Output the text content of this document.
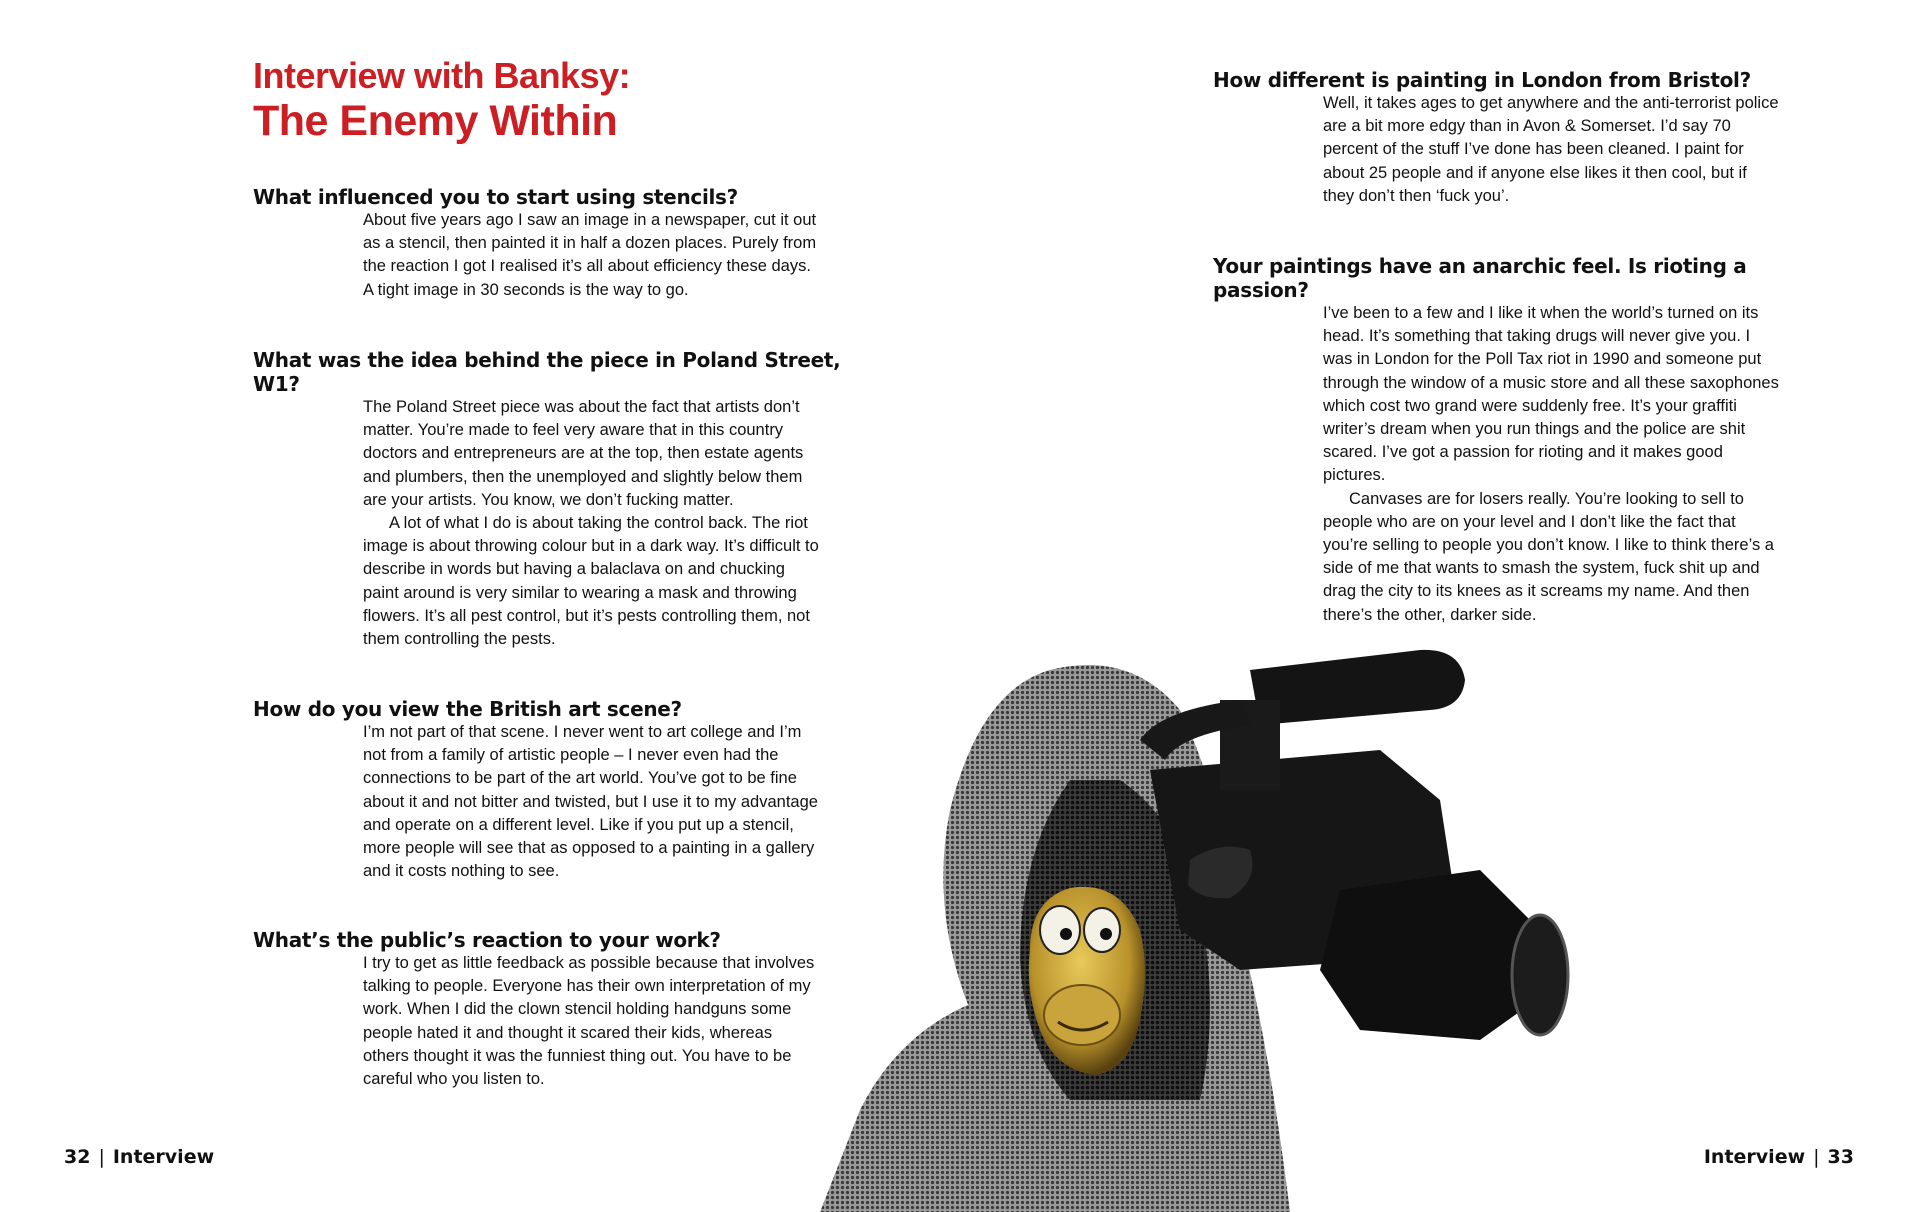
Interview with Banksy:
The Enemy Within
What influenced you to start using stencils?

About five years ago I saw an image in a newspaper, cut it out as a stencil, then painted it in half a dozen places. Purely from the reaction I got I realised it’s all about efficiency these days. A tight image in 30 seconds is the way to go.

What was the idea behind the piece in Poland Street, W1?

The Poland Street piece was about the fact that artists don’t matter. You’re made to feel very aware that in this country doctors and entrepreneurs are at the top, then estate agents and plumbers, then the unemployed and slightly below them are your artists. You know, we don’t fucking matter.

A lot of what I do is about taking the control back. The riot image is about throwing colour but in a dark way. It’s difficult to describe in words but having a balaclava on and chucking paint around is very similar to wearing a mask and throwing flowers. It’s all pest control, but it’s pests controlling them, not them controlling the pests.

How do you view the British art scene?

I’m not part of that scene. I never went to art college and I’m not from a family of artistic people – I never even had the connections to be part of the art world. You’ve got to be fine about it and not bitter and twisted, but I use it to my advantage and operate on a different level. Like if you put up a stencil, more people will see that as opposed to a painting in a gallery and it costs nothing to see.

What’s the public’s reaction to your work?

I try to get as little feedback as possible because that involves talking to people. Everyone has their own interpretation of my work. When I did the clown stencil holding handguns some people hated it and thought it scared their kids, whereas others thought it was the funniest thing out. You have to be careful who you listen to.

How different is painting in London from Bristol?

Well, it takes ages to get anywhere and the anti-terrorist police are a bit more edgy than in Avon & Somerset. I’d say 70 percent of the stuff I’ve done has been cleaned. I paint for about 25 people and if anyone else likes it then cool, but if they don’t then ‘fuck you’.

Your paintings have an anarchic feel. Is rioting a passion?

I’ve been to a few and I like it when the world’s turned on its head. It’s something that taking drugs will never give you. I was in London for the Poll Tax riot in 1990 and someone put through the window of a music store and all these saxophones which cost two grand were suddenly free. It’s your graffiti writer’s dream when you run things and the police are shit scared. I’ve got a passion for rioting and it makes good pictures.

Canvases are for losers really. You’re looking to sell to people who are on your level and I don’t like the fact that you’re selling to people you don’t know. I like to think there’s a side of me that wants to smash the system, fuck shit up and drag the city to its knees as it screams my name. And then there’s the other, darker side.

32 | Interview	Interview | 33
